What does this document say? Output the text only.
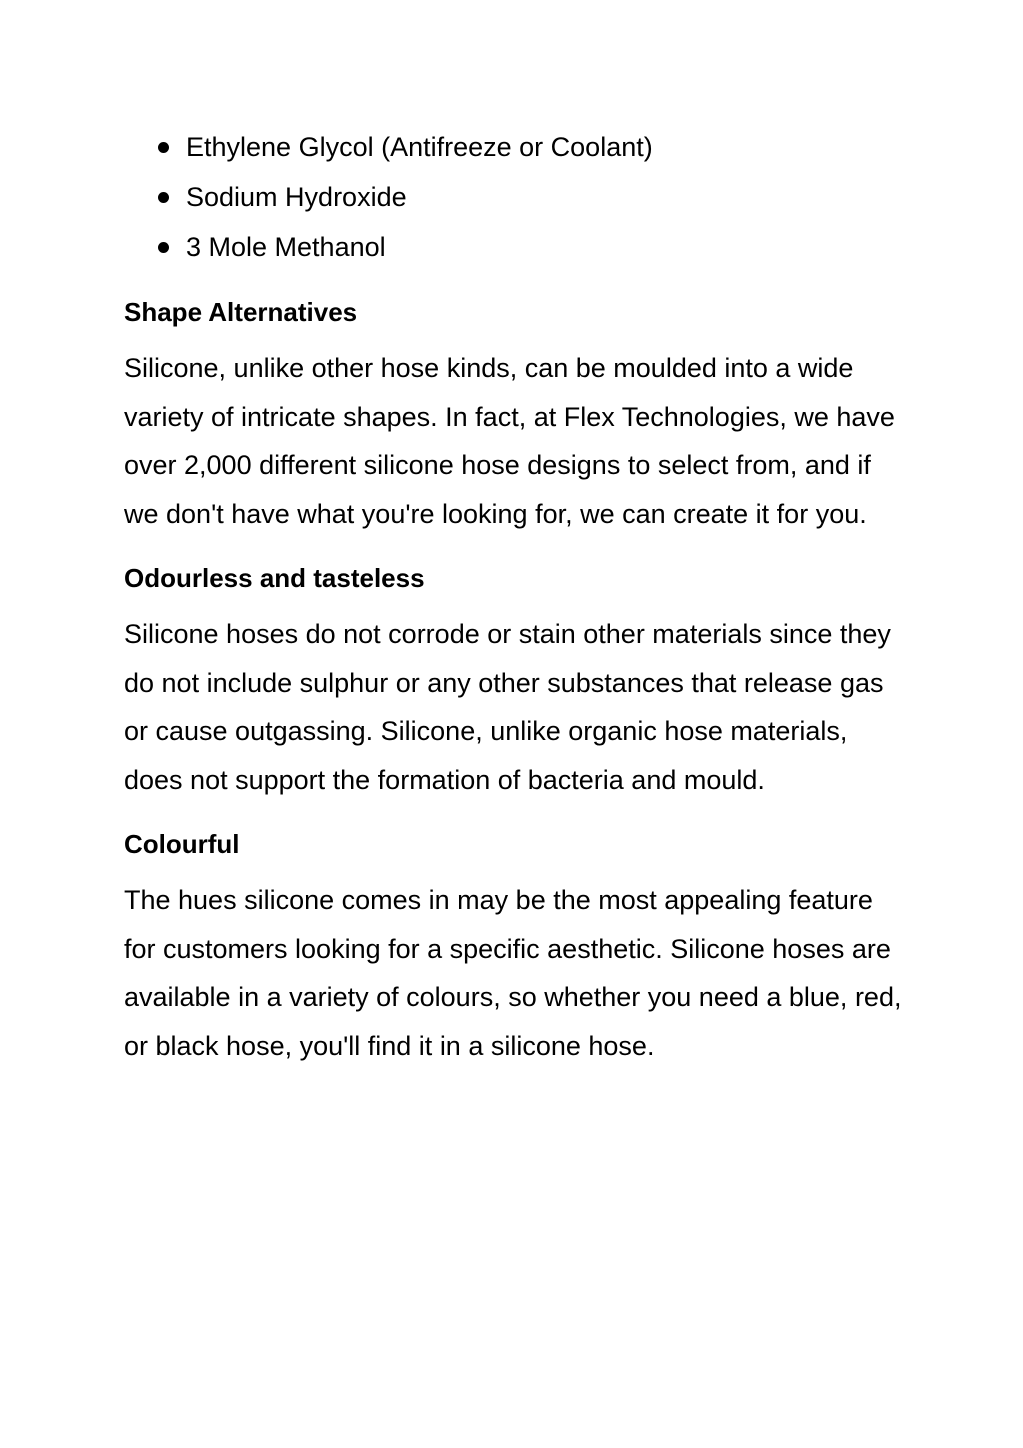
Ethylene Glycol (Antifreeze or Coolant)
Sodium Hydroxide
3 Mole Methanol
Shape Alternatives

Silicone, unlike other hose kinds, can be moulded into a wide variety of intricate shapes. In fact, at Flex Technologies, we have over 2,000 different silicone hose designs to select from, and if we don't have what you're looking for, we can create it for you.

Odourless and tasteless

Silicone hoses do not corrode or stain other materials since they do not include sulphur or any other substances that release gas or cause outgassing. Silicone, unlike organic hose materials, does not support the formation of bacteria and mould.

Colourful

The hues silicone comes in may be the most appealing feature for customers looking for a specific aesthetic. Silicone hoses are available in a variety of colours, so whether you need a blue, red, or black hose, you'll find it in a silicone hose.
